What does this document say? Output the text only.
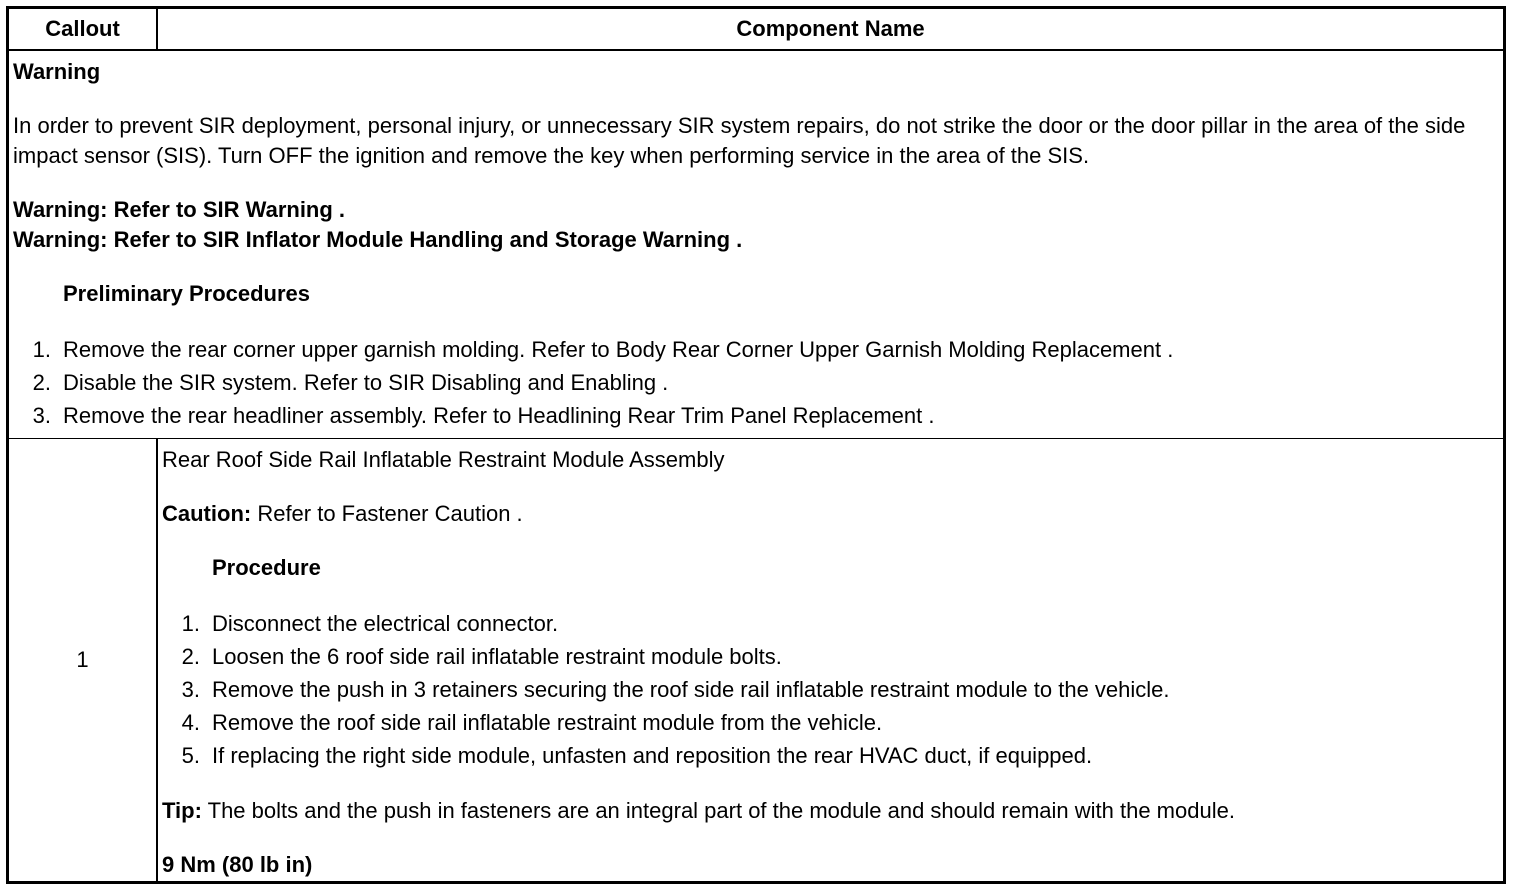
Callout	Component Name

Warning

In order to prevent SIR deployment, personal injury, or unnecessary SIR system repairs, do not strike the door or the door pillar in the area of the side impact sensor (SIS). Turn OFF the ignition and remove the key when performing service in the area of the SIS.

Warning: Refer to SIR Warning .

Warning: Refer to SIR Inflator Module Handling and Storage Warning .

Preliminary Procedures

1. Remove the rear corner upper garnish molding. Refer to Body Rear Corner Upper Garnish Molding Replacement .
2. Disable the SIR system. Refer to SIR Disabling and Enabling .
3. Remove the rear headliner assembly. Refer to Headlining Rear Trim Panel Replacement .
1

Rear Roof Side Rail Inflatable Restraint Module Assembly

Caution: Refer to Fastener Caution .

Procedure

1. Disconnect the electrical connector.
2. Loosen the 6 roof side rail inflatable restraint module bolts.
3. Remove the push in 3 retainers securing the roof side rail inflatable restraint module to the vehicle.
4. Remove the roof side rail inflatable restraint module from the vehicle.
5. If replacing the right side module, unfasten and reposition the rear HVAC duct, if equipped.

Tip: The bolts and the push in fasteners are an integral part of the module and should remain with the module.

9 Nm (80 lb in)
